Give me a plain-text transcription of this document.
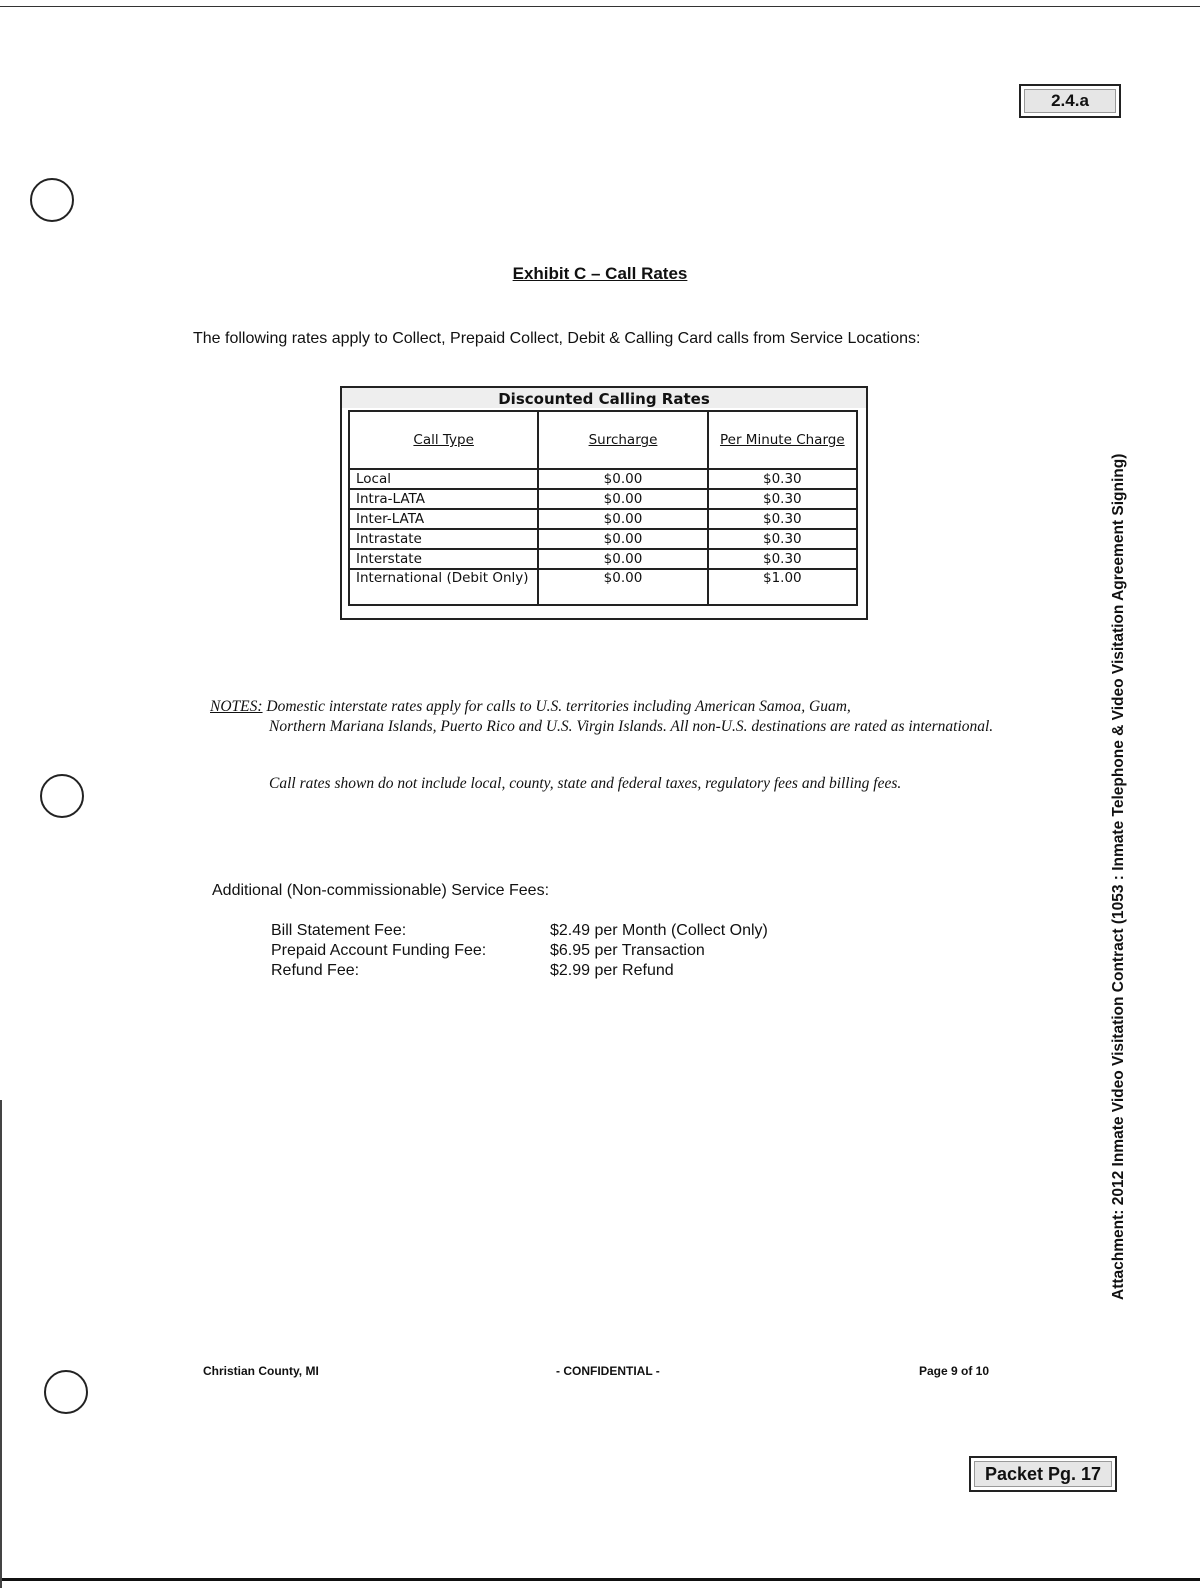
2.4.a
Exhibit C – Call Rates
The following rates apply to Collect, Prepaid Collect, Debit & Calling Card calls from Service Locations:
Discounted Calling Rates
Call Type	Surcharge	Per Minute Charge
Local	$0.00	$0.30
Intra-LATA	$0.00	$0.30
Inter-LATA	$0.00	$0.30
Intrastate	$0.00	$0.30
Interstate	$0.00	$0.30
International (Debit Only)	$0.00	$1.00
NOTES: Domestic interstate rates apply for calls to U.S. territories including American Samoa, Guam,
Northern Mariana Islands, Puerto Rico and U.S. Virgin Islands. All non-U.S. destinations are rated as international.
Call rates shown do not include local, county, state and federal taxes, regulatory fees and billing fees.
Additional (Non-commissionable) Service Fees:
Bill Statement Fee:	$2.49 per Month (Collect Only)
Prepaid Account Funding Fee:	$6.95 per Transaction
Refund Fee:	$2.99 per Refund
Christian County, MI	- CONFIDENTIAL -	Page 9 of 10
Attachment: 2012 Inmate Video Visitation Contract (1053 : Inmate Telephone & Video Visitation Agreement Signing)
Packet Pg. 17
